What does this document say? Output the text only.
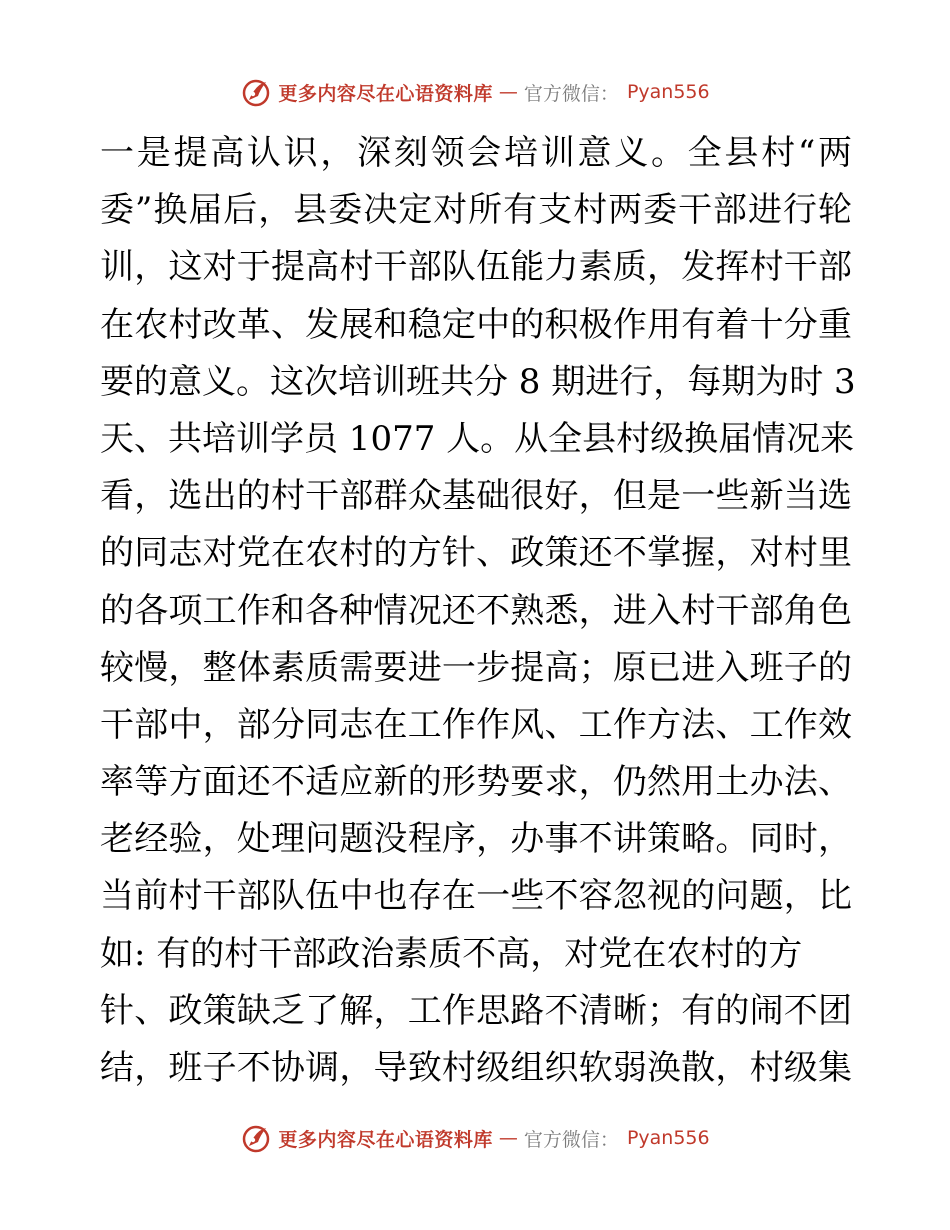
更多内容尽在心语资料库 — 官方微信： Pyan556
一是提高认识，深刻领会培训意义。全县村“两
委”换届后，县委决定对所有支村两委干部进行轮
训，这对于提高村干部队伍能力素质，发挥村干部
在农村改革、发展和稳定中的积极作用有着十分重
要的意义。这次培训班共分 8 期进行，每期为时 3
天、共培训学员 1077 人。从全县村级换届情况来
看，选出的村干部群众基础很好，但是一些新当选
的同志对党在农村的方针、政策还不掌握，对村里
的各项工作和各种情况还不熟悉，进入村干部角色
较慢，整体素质需要进一步提高；原已进入班子的
干部中，部分同志在工作作风、工作方法、工作效
率等方面还不适应新的形势要求，仍然用土办法、
老经验，处理问题没程序，办事不讲策略。同时，
当前村干部队伍中也存在一些不容忽视的问题，比
如: 有的村干部政治素质不高，对党在农村的方
针、政策缺乏了解，工作思路不清晰；有的闹不团
结，班子不协调，导致村级组织软弱涣散，村级集
更多内容尽在心语资料库 — 官方微信： Pyan556
